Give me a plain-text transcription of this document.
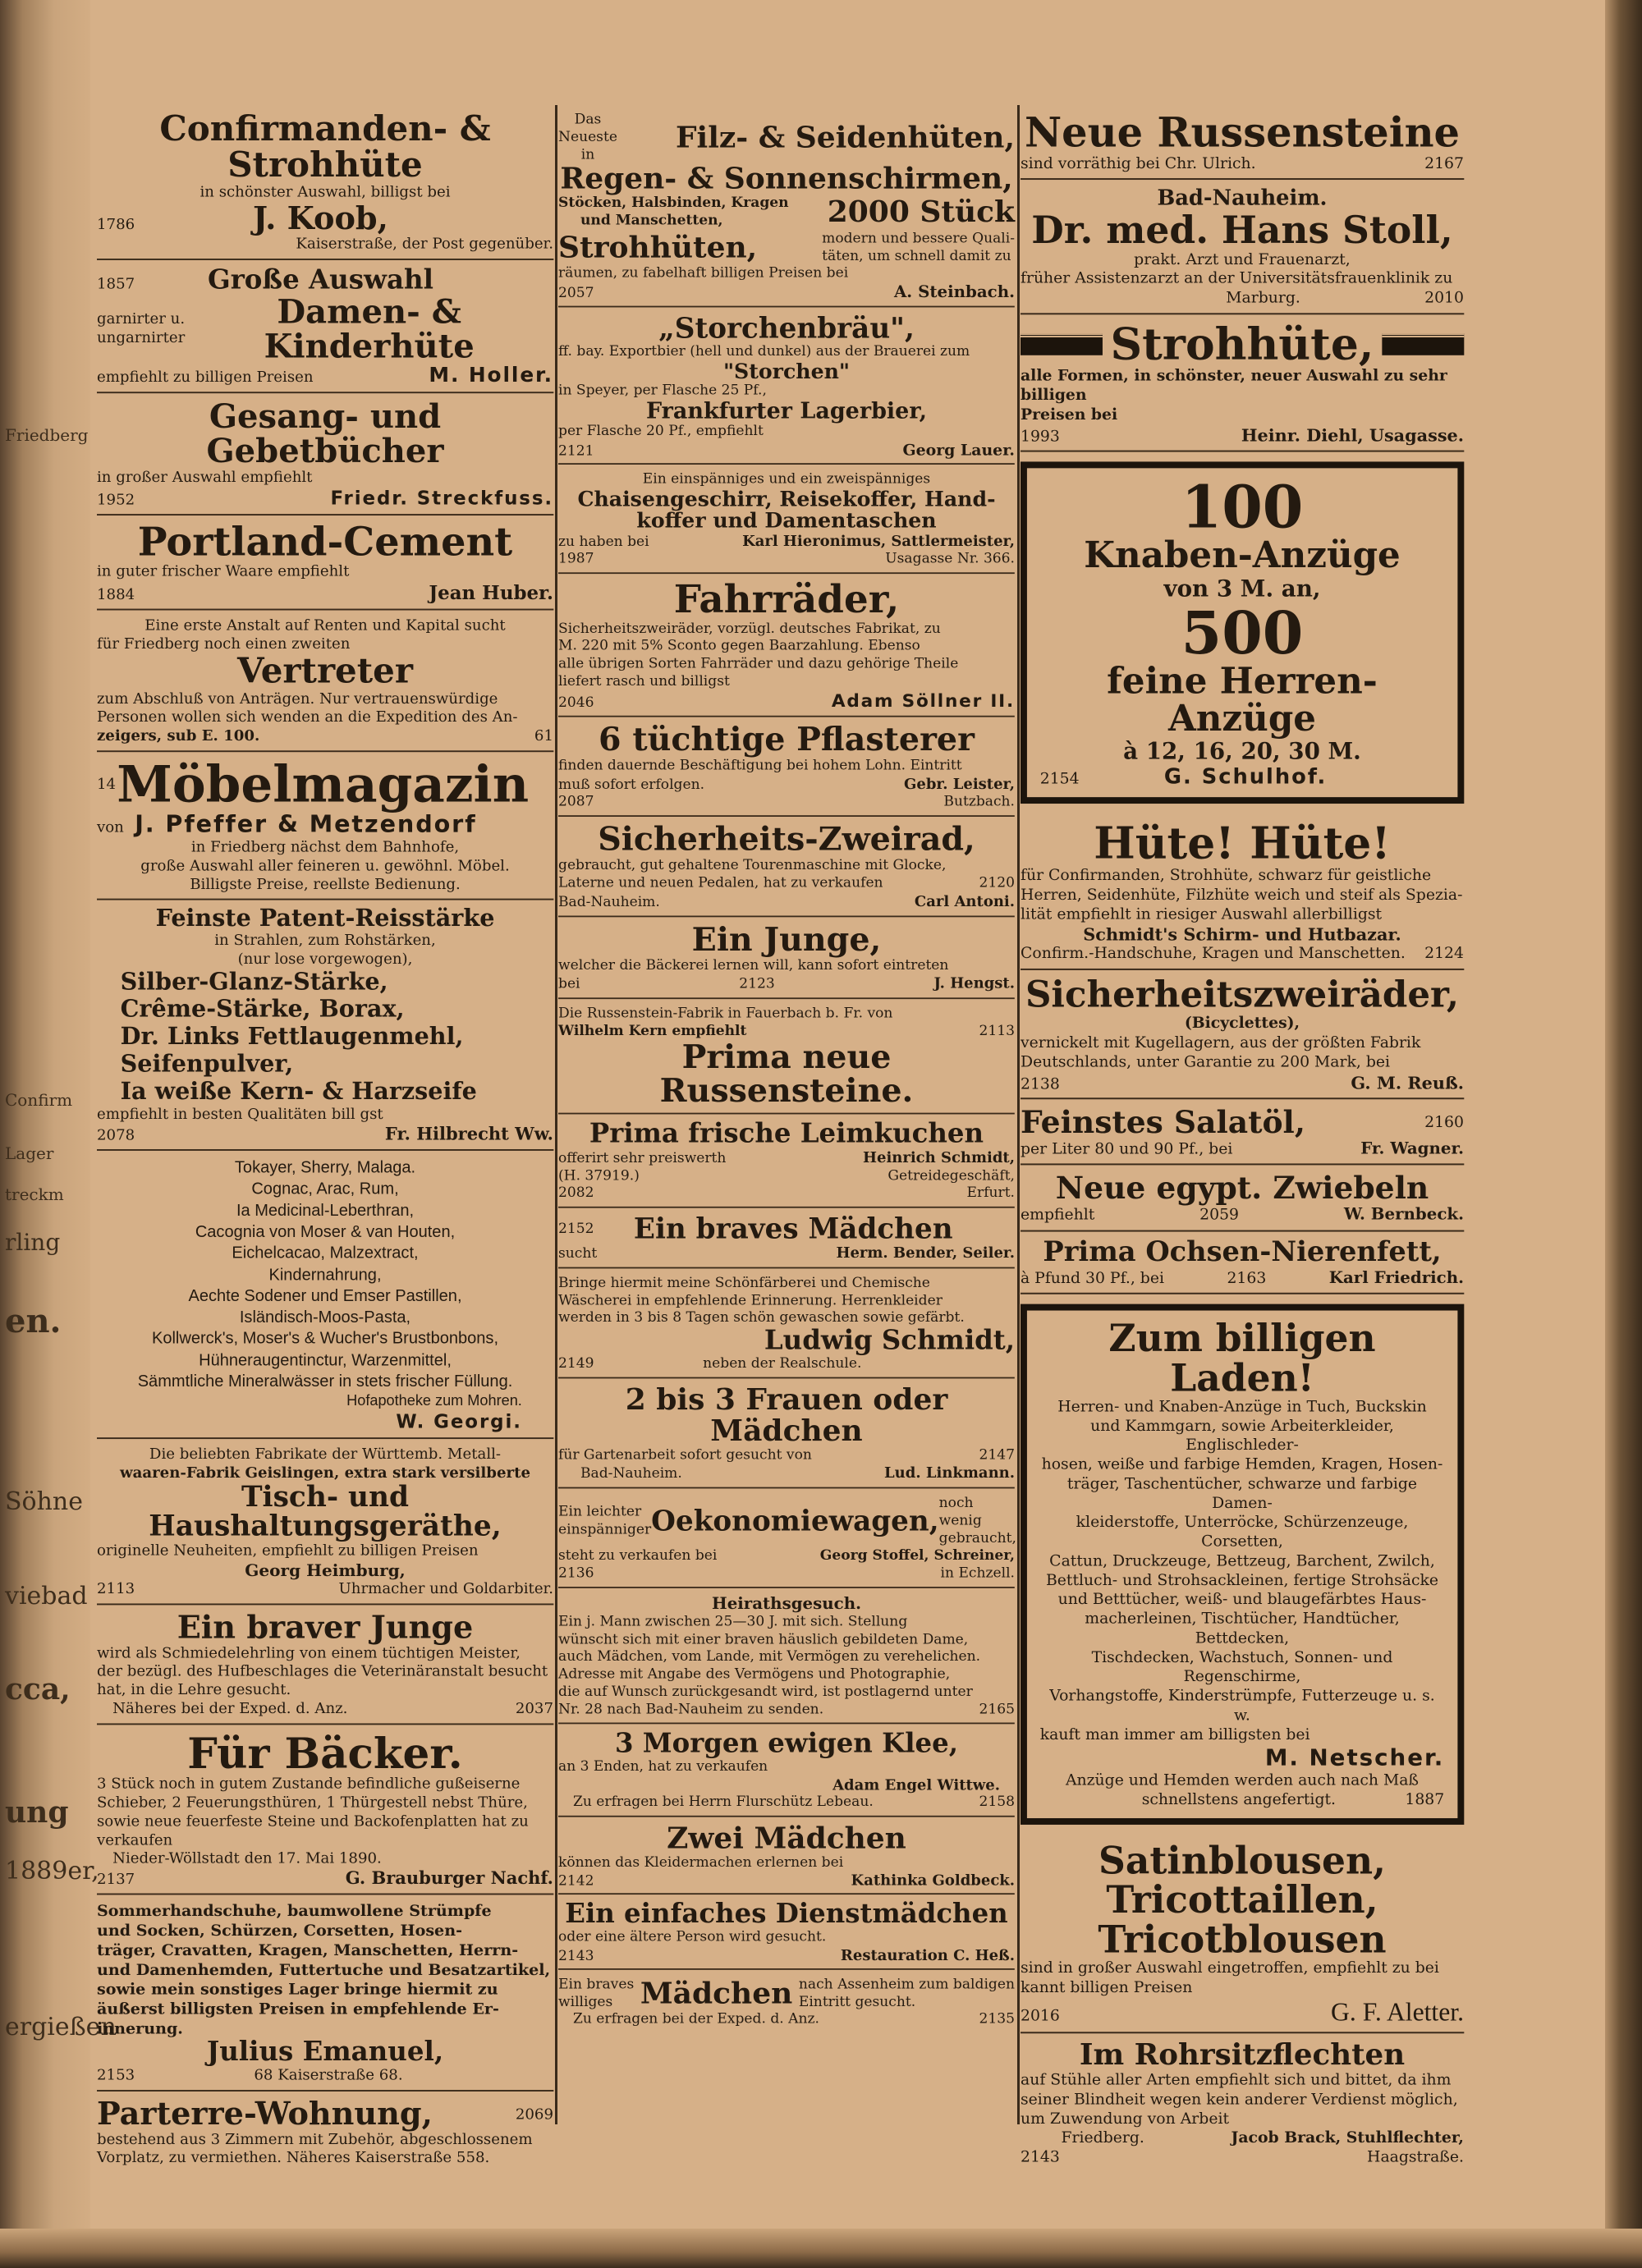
Friedberg
Confirm
Lager
treckm
rling
en.
Söhne
viebad
cca,
ung
1889er,
ergießen
Confirmanden- & Strohhüte
in schönster Auswahl, billigst bei
1786	J. Koob,
Kaiserstraße, der Post gegenüber.
1857	Große Auswahl
garnirter u.
ungarnirter
Damen- & Kinderhüte
empfiehlt zu billigen Preisen	M. Holler.
Gesang- und Gebetbücher
in großer Auswahl empfiehlt
1952	Friedr. Streckfuss.
Portland-Cement
in guter frischer Waare empfiehlt
1884	Jean Huber.
Eine erste Anstalt auf Renten und Kapital sucht
für Friedberg noch einen zweiten
Vertreter
zum Abschluß von Anträgen. Nur vertrauenswürdige
Personen wollen sich wenden an die Expedition des An-
zeigers, sub E. 100.	61
14 Möbelmagazin
von J. Pfeffer & Metzendorf
in Friedberg nächst dem Bahnhofe,
große Auswahl aller feineren u. gewöhnl. Möbel.
Billigste Preise, reellste Bedienung.
Feinste Patent-Reisstärke
in Strahlen, zum Rohstärken,
(nur lose vorgewogen),
Silber-Glanz-Stärke,
Crême-Stärke, Borax,
Dr. Links Fettlaugenmehl,
Seifenpulver,
Ia weiße Kern- & Harzseife
empfiehlt in besten Qualitäten bill gst
2078	Fr. Hilbrecht Ww.
Tokayer, Sherry, Malaga.
Cognac, Arac, Rum,
Ia Medicinal-Leberthran,
Cacognia von Moser & van Houten,
Eichelcacao, Malzextract,
Kindernahrung,
Aechte Sodener und Emser Pastillen,
Isländisch-Moos-Pasta,
Kollwerck's, Moser's & Wucher's Brustbonbons,
Hühneraugentinctur, Warzenmittel,
Sämmtliche Mineralwässer in stets frischer Füllung.
Hofapotheke zum Mohren.
W. Georgi.
Die beliebten Fabrikate der Württemb. Metall-
waaren-Fabrik Geislingen, extra stark versilberte
Tisch- und Haushaltungsgeräthe,
originelle Neuheiten, empfiehlt zu billigen Preisen
Georg Heimburg,
2113	Uhrmacher und Goldarbiter.
Ein braver Junge
wird als Schmiedelehrling von einem tüchtigen Meister,
der bezügl. des Hufbeschlages die Veterinäranstalt besucht
hat, in die Lehre gesucht.
Näheres bei der Exped. d. Anz.	2037
Für Bäcker.
3 Stück noch in gutem Zustande befindliche gußeiserne
Schieber, 2 Feuerungsthüren, 1 Thürgestell nebst Thüre,
sowie neue feuerfeste Steine und Backofenplatten hat zu
verkaufen
Nieder-Wöllstadt den 17. Mai 1890.
2137	G. Brauburger Nachf.
Sommerhandschuhe, baumwollene Strümpfe
und Socken, Schürzen, Corsetten, Hosen-
träger, Cravatten, Kragen, Manschetten, Herrn-
und Damenhemden, Futtertuche und Besatzartikel,
sowie mein sonstiges Lager bringe hiermit zu
äußerst billigsten Preisen in empfehlende Er-
innerung.
Julius Emanuel,
2153	68 Kaiserstraße 68.
Parterre-Wohnung,	2069
bestehend aus 3 Zimmern mit Zubehör, abgeschlossenem
Vorplatz, zu vermiethen. Näheres Kaiserstraße 558.
Das
Neueste
in	Filz- & Seidenhüten,
Regen- & Sonnenschirmen,
Stöcken, Halsbinden, Kragen
und Manschetten,	2000 Stück
Strohhüten,	modern und bessere Quali-
täten, um schnell damit zu
räumen, zu fabelhaft billigen Preisen bei
2057	A. Steinbach.
„Storchenbräu",
ff. bay. Exportbier (hell und dunkel) aus der Brauerei zum
"Storchen"
in Speyer, per Flasche 25 Pf.,
Frankfurter Lagerbier,
per Flasche 20 Pf., empfiehlt
2121	Georg Lauer.
Ein einspänniges und ein zweispänniges
Chaisengeschirr, Reisekoffer, Hand-
koffer und Damentaschen
zu haben bei	Karl Hieronimus, Sattlermeister,
1987	Usagasse Nr. 366.
Fahrräder,
Sicherheitszweiräder, vorzügl. deutsches Fabrikat, zu
M. 220 mit 5% Sconto gegen Baarzahlung. Ebenso
alle übrigen Sorten Fahrräder und dazu gehörige Theile
liefert rasch und billigst
2046	Adam Söllner II.
6 tüchtige Pflasterer
finden dauernde Beschäftigung bei hohem Lohn. Eintritt
muß sofort erfolgen.	Gebr. Leister,
2087	Butzbach.
Sicherheits-Zweirad,
gebraucht, gut gehaltene Tourenmaschine mit Glocke,
Laterne und neuen Pedalen, hat zu verkaufen	2120
Bad-Nauheim.	Carl Antoni.
Ein Junge,
welcher die Bäckerei lernen will, kann sofort eintreten
bei	2123	J. Hengst.
Die Russenstein-Fabrik in Fauerbach b. Fr. von
Wilhelm Kern empfiehlt	2113
Prima neue Russensteine.
Prima frische Leimkuchen
offerirt sehr preiswerth	Heinrich Schmidt,
(H. 37919.)	Getreidegeschäft,
2082	Erfurt.
2152 Ein braves Mädchen
sucht	Herm. Bender, Seiler.
Bringe hiermit meine Schönfärberei und Chemische
Wäscherei in empfehlende Erinnerung. Herrenkleider
werden in 3 bis 8 Tagen schön gewaschen sowie gefärbt.
Ludwig Schmidt,
2149	neben der Realschule.
2 bis 3 Frauen oder Mädchen
für Gartenarbeit sofort gesucht von	2147
Bad-Nauheim.	Lud. Linkmann.
Ein leichter
einspänniger Oekonomiewagen,
noch wenig
gebraucht,
steht zu verkaufen bei	Georg Stoffel, Schreiner,
2136	in Echzell.
Heirathsgesuch.
Ein j. Mann zwischen 25—30 J. mit sich. Stellung
wünscht sich mit einer braven häuslich gebildeten Dame,
auch Mädchen, vom Lande, mit Vermögen zu verehelichen.
Adresse mit Angabe des Vermögens und Photographie,
die auf Wunsch zurückgesandt wird, ist postlagernd unter
Nr. 28 nach Bad-Nauheim zu senden.	2165
3 Morgen ewigen Klee,
an 3 Enden, hat zu verkaufen
Adam Engel Wittwe.
Zu erfragen bei Herrn Flurschütz Lebeau.	2158
Zwei Mädchen
können das Kleidermachen erlernen bei
2142	Kathinka Goldbeck.
Ein einfaches Dienstmädchen
oder eine ältere Person wird gesucht.
2143	Restauration C. Heß.
Ein braves
williges Mädchen nach Assenheim zum baldigen
Eintritt gesucht.
Zu erfragen bei der Exped. d. Anz.	2135
Neue Russensteine
sind vorräthig bei Chr. Ulrich.	2167
Bad-Nauheim.
Dr. med. Hans Stoll,
prakt. Arzt und Frauenarzt,
früher Assistenzarzt an der Universitätsfrauenklinik zu
Marburg.	2010
Strohhüte,
alle Formen, in schönster, neuer Auswahl zu sehr billigen
Preisen bei
1993	Heinr. Diehl, Usagasse.
100
Knaben-Anzüge
von 3 M. an,
500
feine Herren-Anzüge
à 12, 16, 20, 30 M.
2154	G. Schulhof.
Hüte! Hüte!
für Confirmanden, Strohhüte, schwarz für geistliche
Herren, Seidenhüte, Filzhüte weich und steif als Spezia-
lität empfiehlt in riesiger Auswahl allerbilligst
Schmidt's Schirm- und Hutbazar.
Confirm.-Handschuhe, Kragen und Manschetten. 2124
Sicherheitszweiräder,
(Bicyclettes),
vernickelt mit Kugellagern, aus der größten Fabrik
Deutschlands, unter Garantie zu 200 Mark, bei
2138	G. M. Reuß.
Feinstes Salatöl,	2160
per Liter 80 und 90 Pf., bei	Fr. Wagner.
Neue egypt. Zwiebeln
empfiehlt	2059	W. Bernbeck.
Prima Ochsen-Nierenfett,
à Pfund 30 Pf., bei	2163	Karl Friedrich.
Zum billigen Laden!
Herren- und Knaben-Anzüge in Tuch, Buckskin
und Kammgarn, sowie Arbeiterkleider, Englischleder-
hosen, weiße und farbige Hemden, Kragen, Hosen-
träger, Taschentücher, schwarze und farbige Damen-
kleiderstoffe, Unterröcke, Schürzenzeuge, Corsetten,
Cattun, Druckzeuge, Bettzeug, Barchent, Zwilch,
Bettluch- und Strohsackleinen, fertige Strohsäcke
und Betttücher, weiß- und blaugefärbtes Haus-
macherleinen, Tischtücher, Handtücher, Bettdecken,
Tischdecken, Wachstuch, Sonnen- und Regenschirme,
Vorhangstoffe, Kinderstrümpfe, Futterzeuge u. s. w.
kauft man immer am billigsten bei
M. Netscher.
Anzüge und Hemden werden auch nach Maß
schnellstens angefertigt.	1887
Satinblousen,
Tricottaillen,
Tricotblousen
sind in großer Auswahl eingetroffen, empfiehlt zu bei
kannt billigen Preisen
2016	G. F. Aletter.
Im Rohrsitzflechten
auf Stühle aller Arten empfiehlt sich und bittet, da ihm
seiner Blindheit wegen kein anderer Verdienst möglich,
um Zuwendung von Arbeit
Friedberg.	Jacob Brack, Stuhlflechter,
2143	Haagstraße.
